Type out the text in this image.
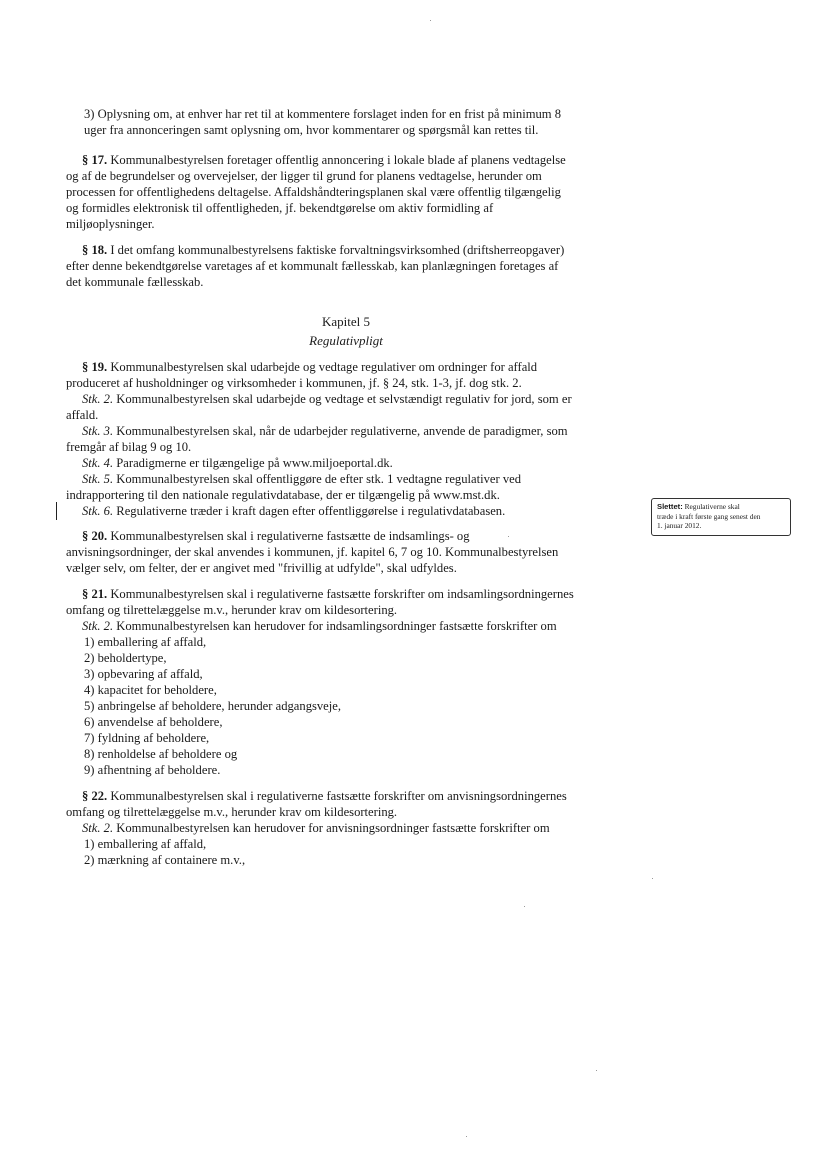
3) Oplysning om, at enhver har ret til at kommentere forslaget inden for en frist på minimum 8

uger fra annonceringen samt oplysning om, hvor kommentarer og spørgsmål kan rettes til.

§ 17. Kommunalbestyrelsen foretager offentlig annoncering i lokale blade af planens vedtagelse

og af de begrundelser og overvejelser, der ligger til grund for planens vedtagelse, herunder om

processen for offentlighedens deltagelse. Affaldshåndteringsplanen skal være offentlig tilgængelig

og formidles elektronisk til offentligheden, jf. bekendtgørelse om aktiv formidling af

miljøoplysninger.

§ 18. I det omfang kommunalbestyrelsens faktiske forvaltningsvirksomhed (driftsherreopgaver)

efter denne bekendtgørelse varetages af et kommunalt fællesskab, kan planlægningen foretages af

det kommunale fællesskab.

Kapitel 5
Regulativpligt

§ 19. Kommunalbestyrelsen skal udarbejde og vedtage regulativer om ordninger for affald

produceret af husholdninger og virksomheder i kommunen, jf. § 24, stk. 1-3, jf. dog stk. 2.

Stk. 2. Kommunalbestyrelsen skal udarbejde og vedtage et selvstændigt regulativ for jord, som er

affald.

Stk. 3. Kommunalbestyrelsen skal, når de udarbejder regulativerne, anvende de paradigmer, som

fremgår af bilag 9 og 10.

Stk. 4. Paradigmerne er tilgængelige på www.miljoeportal.dk.

Stk. 5. Kommunalbestyrelsen skal offentliggøre de efter stk. 1 vedtagne regulativer ved

indrapportering til den nationale regulativdatabase, der er tilgængelig på www.mst.dk.

Stk. 6. Regulativerne træder i kraft dagen efter offentliggørelse i regulativdatabasen.	Slettet: Regulativerne skal
træde i kraft første gang senest den
1. januar 2012.

§ 20. Kommunalbestyrelsen skal i regulativerne fastsætte de indsamlings- og

anvisningsordninger, der skal anvendes i kommunen, jf. kapitel 6, 7 og 10. Kommunalbestyrelsen

vælger selv, om felter, der er angivet med "frivillig at udfylde", skal udfyldes.

§ 21. Kommunalbestyrelsen skal i regulativerne fastsætte forskrifter om indsamlingsordningernes

omfang og tilrettelæggelse m.v., herunder krav om kildesortering.

Stk. 2. Kommunalbestyrelsen kan herudover for indsamlingsordninger fastsætte forskrifter om

1) emballering af affald,

2) beholdertype,

3) opbevaring af affald,

4) kapacitet for beholdere,

5) anbringelse af beholdere, herunder adgangsveje,

6) anvendelse af beholdere,

7) fyldning af beholdere,

8) renholdelse af beholdere og

9) afhentning af beholdere.

§ 22. Kommunalbestyrelsen skal i regulativerne fastsætte forskrifter om anvisningsordningernes

omfang og tilrettelæggelse m.v., herunder krav om kildesortering.

Stk. 2. Kommunalbestyrelsen kan herudover for anvisningsordninger fastsætte forskrifter om

1) emballering af affald,

2) mærkning af containere m.v.,
